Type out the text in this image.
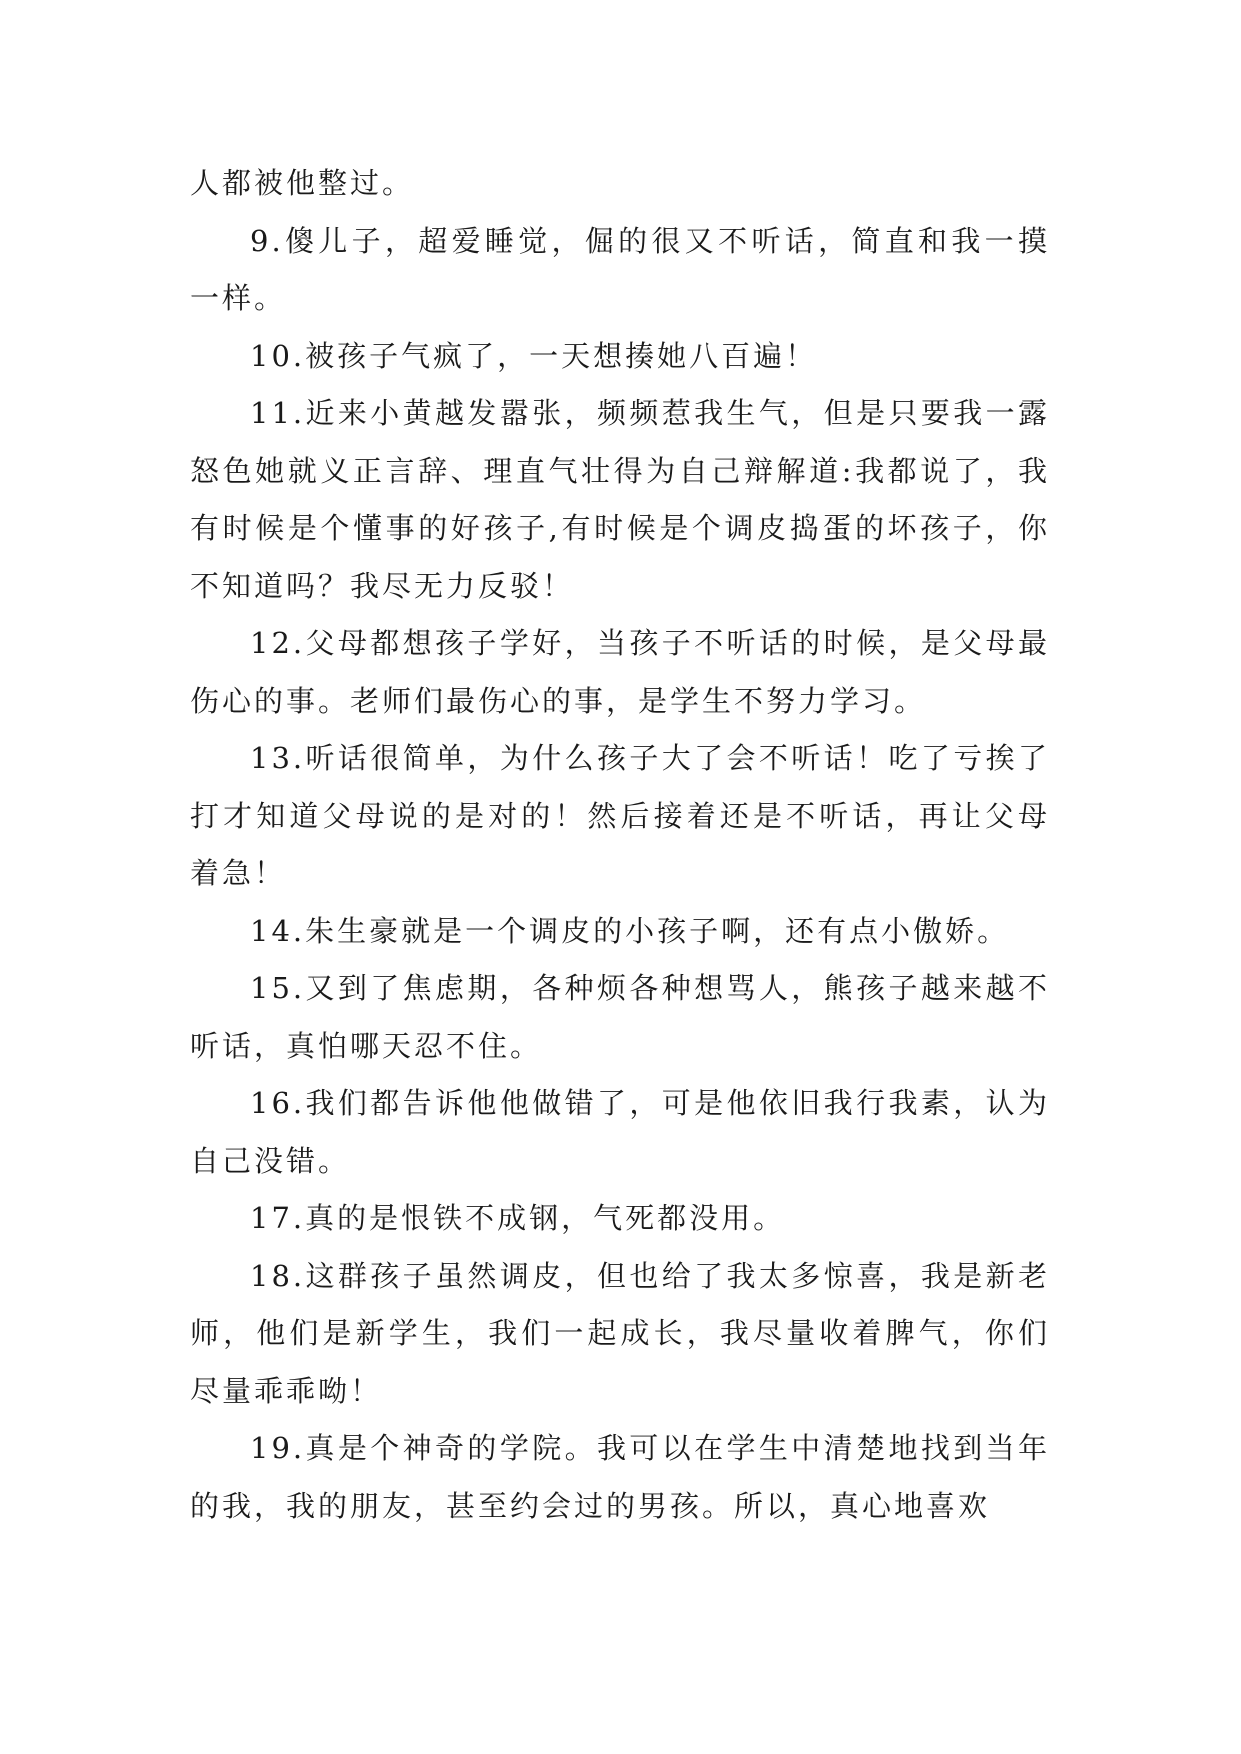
人都被他整过。

9.傻儿子，超爱睡觉，倔的很又不听话，简直和我一摸一样。

10.被孩子气疯了，一天想揍她八百遍！

11.近来小黄越发嚣张，频频惹我生气，但是只要我一露怒色她就义正言辞、理直气壮得为自己辩解道:我都说了，我有时候是个懂事的好孩子,有时候是个调皮捣蛋的坏孩子，你不知道吗？我尽无力反驳！

12.父母都想孩子学好，当孩子不听话的时候，是父母最伤心的事。老师们最伤心的事，是学生不努力学习。

13.听话很简单，为什么孩子大了会不听话！吃了亏挨了打才知道父母说的是对的！然后接着还是不听话，再让父母着急！

14.朱生豪就是一个调皮的小孩子啊，还有点小傲娇。

15.又到了焦虑期，各种烦各种想骂人，熊孩子越来越不听话，真怕哪天忍不住。

16.我们都告诉他他做错了，可是他依旧我行我素，认为自己没错。

17.真的是恨铁不成钢，气死都没用。

18.这群孩子虽然调皮，但也给了我太多惊喜，我是新老师，他们是新学生，我们一起成长，我尽量收着脾气，你们尽量乖乖呦！

19.真是个神奇的学院。我可以在学生中清楚地找到当年的我，我的朋友，甚至约会过的男孩。所以，真心地喜欢
